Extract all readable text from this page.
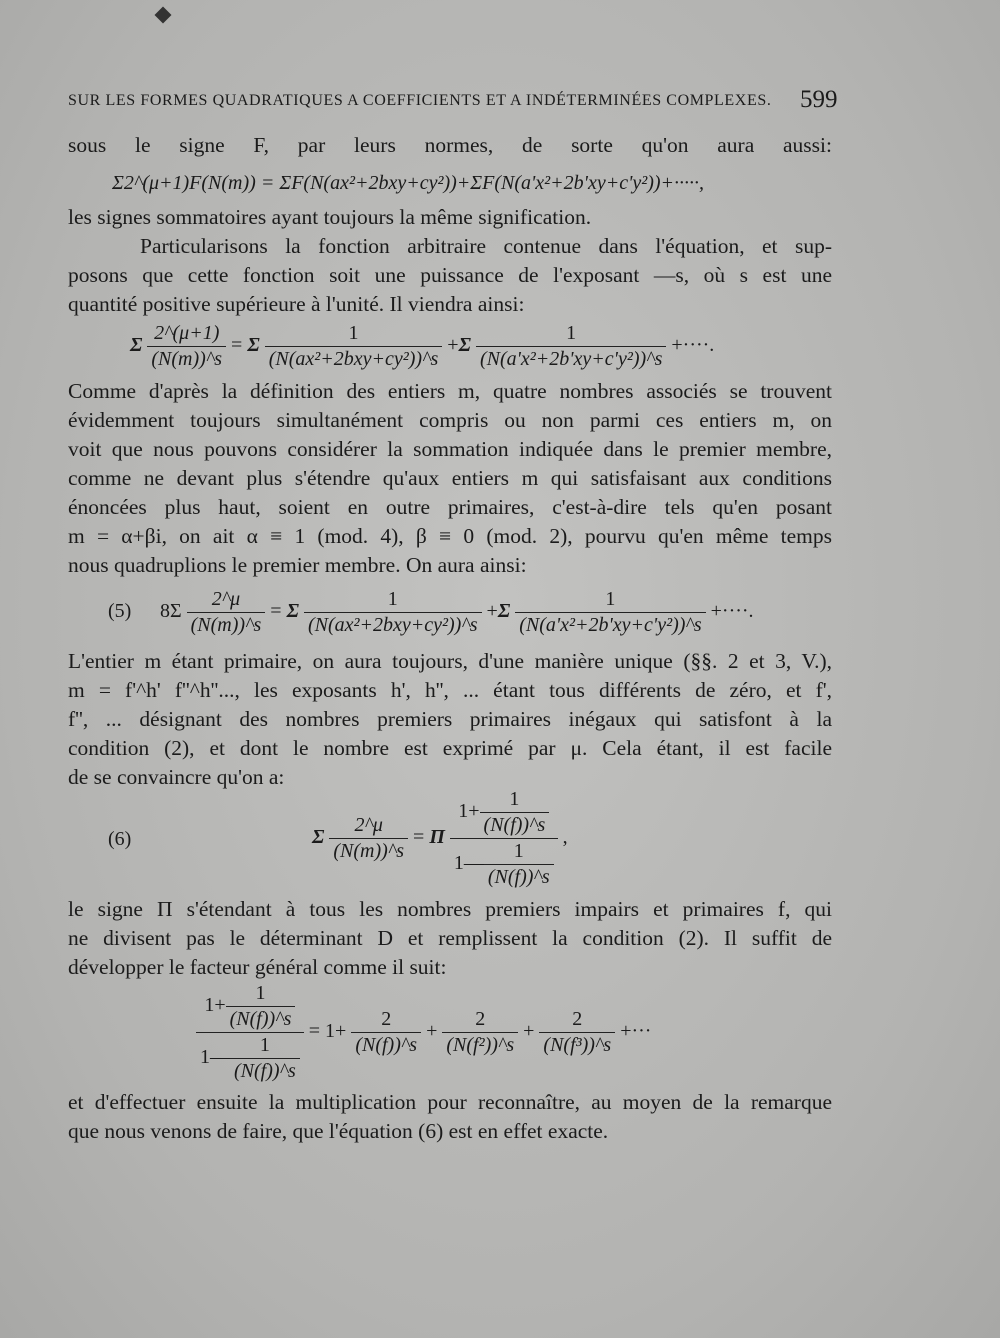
SUR LES FORMES QUADRATIQUES A COEFFICIENTS ET A INDÉTERMINÉES COMPLEXES. 599
sous le signe F, par leurs normes, de sorte qu'on aura aussi:
Σ2^(μ+1)F(N(m)) = ΣF(N(ax²+2bxy+cy²))+ΣF(N(a'x²+2b'xy+c'y²))+·····,
les signes sommatoires ayant toujours la même signification.
Particularisons la fonction arbitraire contenue dans l'équation, et sup-
posons que cette fonction soit une puissance de l'exposant —s, où s est une
quantité positive supérieure à l'unité. Il viendra ainsi:
Σ $\frac{2\^{}(\mu+1)}{(N(m))\^{}s} = \Sigma \frac{1}{\text{(N(ax²+2bxy+cy²))\textasciicircum{}s}} +\Sigma \frac{1}{\text{(N(a'x²+2b'xy+c'y²))\textasciicircum{}s}}$ +····.
Comme d'après la définition des entiers m, quatre nombres associés se trouvent
évidemment toujours simultanément compris ou non parmi ces entiers m, on
voit que nous pouvons considérer la sommation indiquée dans le premier membre,
comme ne devant plus s'étendre qu'aux entiers m qui satisfaisant aux conditions
énoncées plus haut, soient en outre primaires, c'est-à-dire tels qu'en posant
m = α+βi, on ait α ≡ 1 (mod. 4), β ≡ 0 (mod. 2), pourvu qu'en même temps
nous quadruplions le premier membre. On aura ainsi:
(5) $8\Sigma \frac{2\^{}\mu}{(N(m))\^{}s} = \Sigma \frac{1}{\text{(N(ax²+2bxy+cy²))\textasciicircum{}s}} +\Sigma \frac{1}{\text{(N(a'x²+2b'xy+c'y²))\textasciicircum{}s}}$ +····.
L'entier m étant primaire, on aura toujours, d'une manière unique (§§. 2 et 3, V.),
m = f'^h' f''^h''..., les exposants h', h'', ... étant tous différents de zéro, et f',
f'', ... désignant des nombres premiers primaires inégaux qui satisfont à la
condition (2), et dont le nombre est exprimé par μ. Cela étant, il est facile
de se convaincre qu'on a:
(6)	Σ $\frac{2\^{}\mu}{(N(m))\^{}s} = \Pi \frac{1+ \frac{1}{(N(f))\^{}s}}{1— \frac{1}{(N(f))\^{}s}}$ ,
le signe Π s'étendant à tous les nombres premiers impairs et primaires f, qui
ne divisent pas le déterminant D et remplissent la condition (2). Il suffit de
développer le facteur général comme il suit:
$\frac{1+ \frac{1}{(N(f))\^{}s}}{1— \frac{1}{(N(f))\^{}s}} = 1+ \frac{2}{(N(f))\^{}s} + \frac{2}{\text{(N(f²))\textasciicircum{}s}} + \frac{2}{\text{(N(f³))\textasciicircum{}s}}$ +···
et d'effectuer ensuite la multiplication pour reconnaître, au moyen de la remarque
que nous venons de faire, que l'équation (6) est en effet exacte.
